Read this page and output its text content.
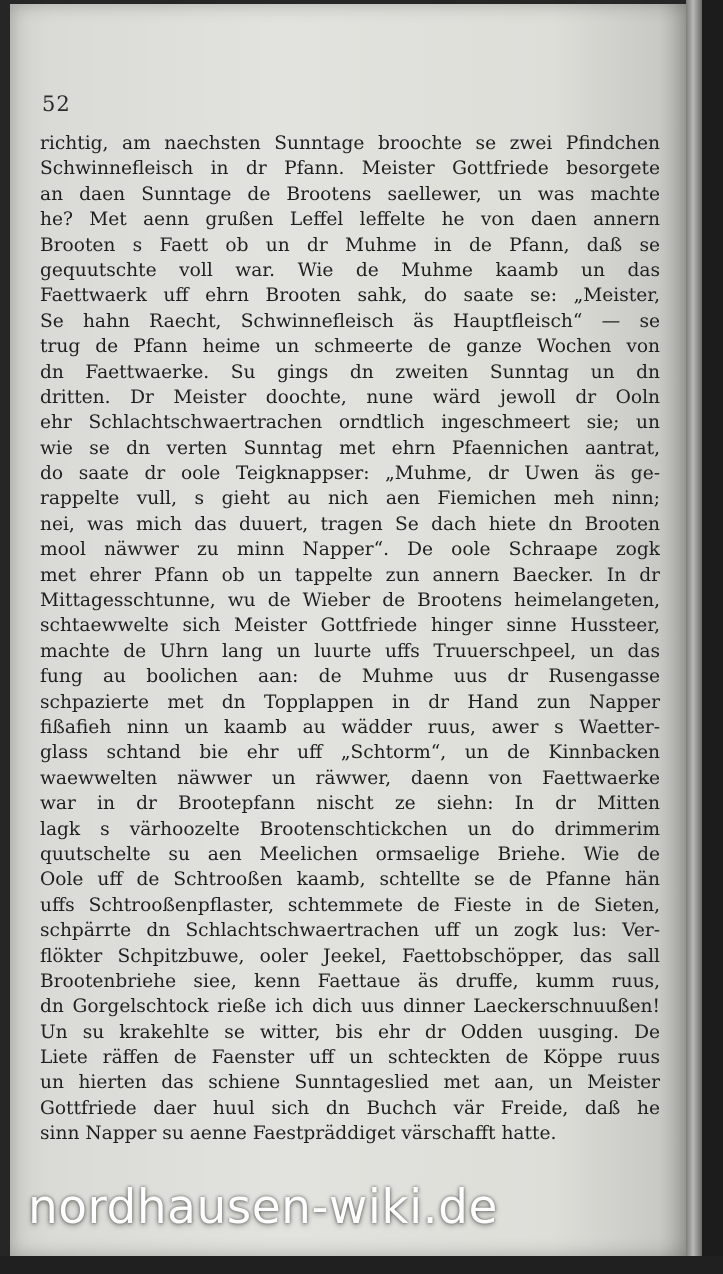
52
richtig, am naechsten Sunntage broochte se zwei Pfindchen
Schwinnefleisch in dr Pfann. Meister Gottfriede besorgete
an daen Sunntage de Brootens saellewer, un was machte
he? Met aenn grußen Leffel leffelte he von daen annern
Brooten s Faett ob un dr Muhme in de Pfann, daß se
gequutschte voll war. Wie de Muhme kaamb un das
Faettwaerk uff ehrn Brooten sahk, do saate se: „Meister,
Se hahn Raecht, Schwinnefleisch äs Hauptfleisch“ — se
trug de Pfann heime un schmeerte de ganze Wochen von
dn Faettwaerke. Su gings dn zweiten Sunntag un dn
dritten. Dr Meister doochte, nune wärd jewoll dr Ooln
ehr Schlachtschwaertrachen orndtlich ingeschmeert sie; un
wie se dn verten Sunntag met ehrn Pfaennichen aantrat,
do saate dr oole Teigknappser: „Muhme, dr Uwen äs ge-
rappelte vull, s gieht au nich aen Fiemichen meh ninn;
nei, was mich das duuert, tragen Se dach hiete dn Brooten
mool näwwer zu minn Napper“. De oole Schraape zogk
met ehrer Pfann ob un tappelte zun annern Baecker. In dr
Mittagesschtunne, wu de Wieber de Brootens heimelangeten,
schtaewwelte sich Meister Gottfriede hinger sinne Hussteer,
machte de Uhrn lang un luurte uffs Truuerschpeel, un das
fung au boolichen aan: de Muhme uus dr Rusengasse
schpazierte met dn Topplappen in dr Hand zun Napper
fißafieh ninn un kaamb au wädder ruus, awer s Waetter-
glass schtand bie ehr uff „Schtorm“, un de Kinnbacken
waewwelten näwwer un räwwer, daenn von Faettwaerke
war in dr Brootepfann nischt ze siehn: In dr Mitten
lagk s värhoozelte Brootenschtickchen un do drimmerim
quutschelte su aen Meelichen ormsaelige Briehe. Wie de
Oole uff de Schtrooßen kaamb, schtellte se de Pfanne hän
uffs Schtrooßenpflaster, schtemmete de Fieste in de Sieten,
schpärrte dn Schlachtschwaertrachen uff un zogk lus: Ver-
flökter Schpitzbuwe, ooler Jeekel, Faettobschöpper, das sall
Brootenbriehe siee, kenn Faettaue äs druffe, kumm ruus,
dn Gorgelschtock rieße ich dich uus dinner Laeckerschnuußen!
Un su krakehlte se witter, bis ehr dr Odden uusging. De
Liete räffen de Faenster uff un schteckten de Köppe ruus
un hierten das schiene Sunntageslied met aan, un Meister
Gottfriede daer huul sich dn Buchch vär Freide, daß he
sinn Napper su aenne Faestpräddiget värschafft hatte.
nordhausen-wiki.de
